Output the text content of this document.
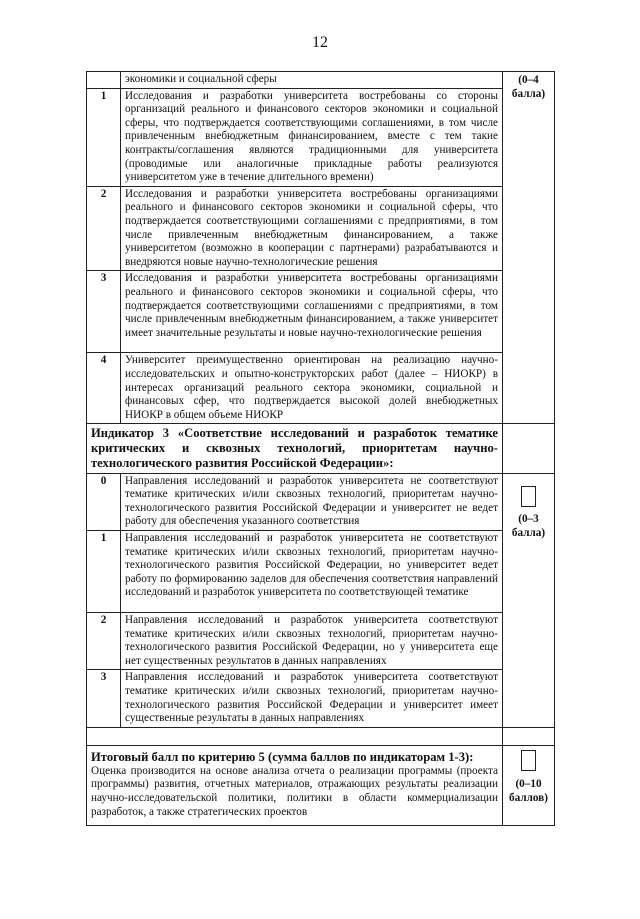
12
	экономики и социальной сферы	(0–4 балла)

1	Исследования и разработки университета востребованы со стороны организаций реального и финансового секторов экономики и социальной сферы, что подтверждается соответствующими соглашениями, в том числе привлеченным внебюджетным финансированием, вместе с тем такие контракты/соглашения являются традиционными для университета (проводимые или аналогичные прикладные работы реализуются университетом уже в течение длительного времени)	
2	Исследования и разработки университета востребованы организациями реального и финансового секторов экономики и социальной сферы, что подтверждается соответствующими соглашениями с предприятиями, в том числе привлеченным внебюджетным финансированием, а также университетом (возможно в кооперации с партнерами) разрабатываются и внедряются новые научно-технологические решения	
3	Исследования и разработки университета востребованы организациями реального и финансового секторов экономики и социальной сферы, что подтверждается соответствующими соглашениями с предприятиями, в том числе привлеченным внебюджетным финансированием, а также университет имеет значительные результаты и новые научно-технологические решения	
4	Университет преимущественно ориентирован на реализацию научно-исследовательских и опытно-конструкторских работ (далее – НИОКР) в интересах организаций реального сектора экономики, социальной и финансовых сфер, что подтверждается высокой долей внебюджетных НИОКР в общем объеме НИОКР	
Индикатор 3 «Соответствие исследований и разработок тематике критических и сквозных технологий, приоритетам научно-технологического развития Российской Федерации»:		
0	Направления исследований и разработок университета не соответствуют тематике критических и/или сквозных технологий, приоритетам научно-технологического развития Российской Федерации и университет не ведет работу для обеспечения указанного соответствия	(0–3 балла)

1	Направления исследований и разработок университета не соответствуют тематике критических и/или сквозных технологий, приоритетам научно-технологического развития Российской Федерации, но университет ведет работу по формированию заделов для обеспечения соответствия направлений исследований и разработок университета по соответствующей тематике	
2	Направления исследований и разработок университета соответствуют тематике критических и/или сквозных технологий, приоритетам научно-технологического развития Российской Федерации, но у университета еще нет существенных результатов в данных направлениях	
3	Направления исследований и разработок университета соответствуют тематике критических и/или сквозных технологий, приоритетам научно-технологического развития Российской Федерации и университет имеет существенные результаты в данных направлениях	

Итоговый балл по критерию 5 (сумма баллов по индикаторам 1-3):
Оценка производится на основе анализа отчета о реализации программы (проекта программы) развития, отчетных материалов, отражающих результаты реализации научно-исследовательской политики, политики в области коммерциализации разработок, а также стратегических проектов		(0–10 баллов)
